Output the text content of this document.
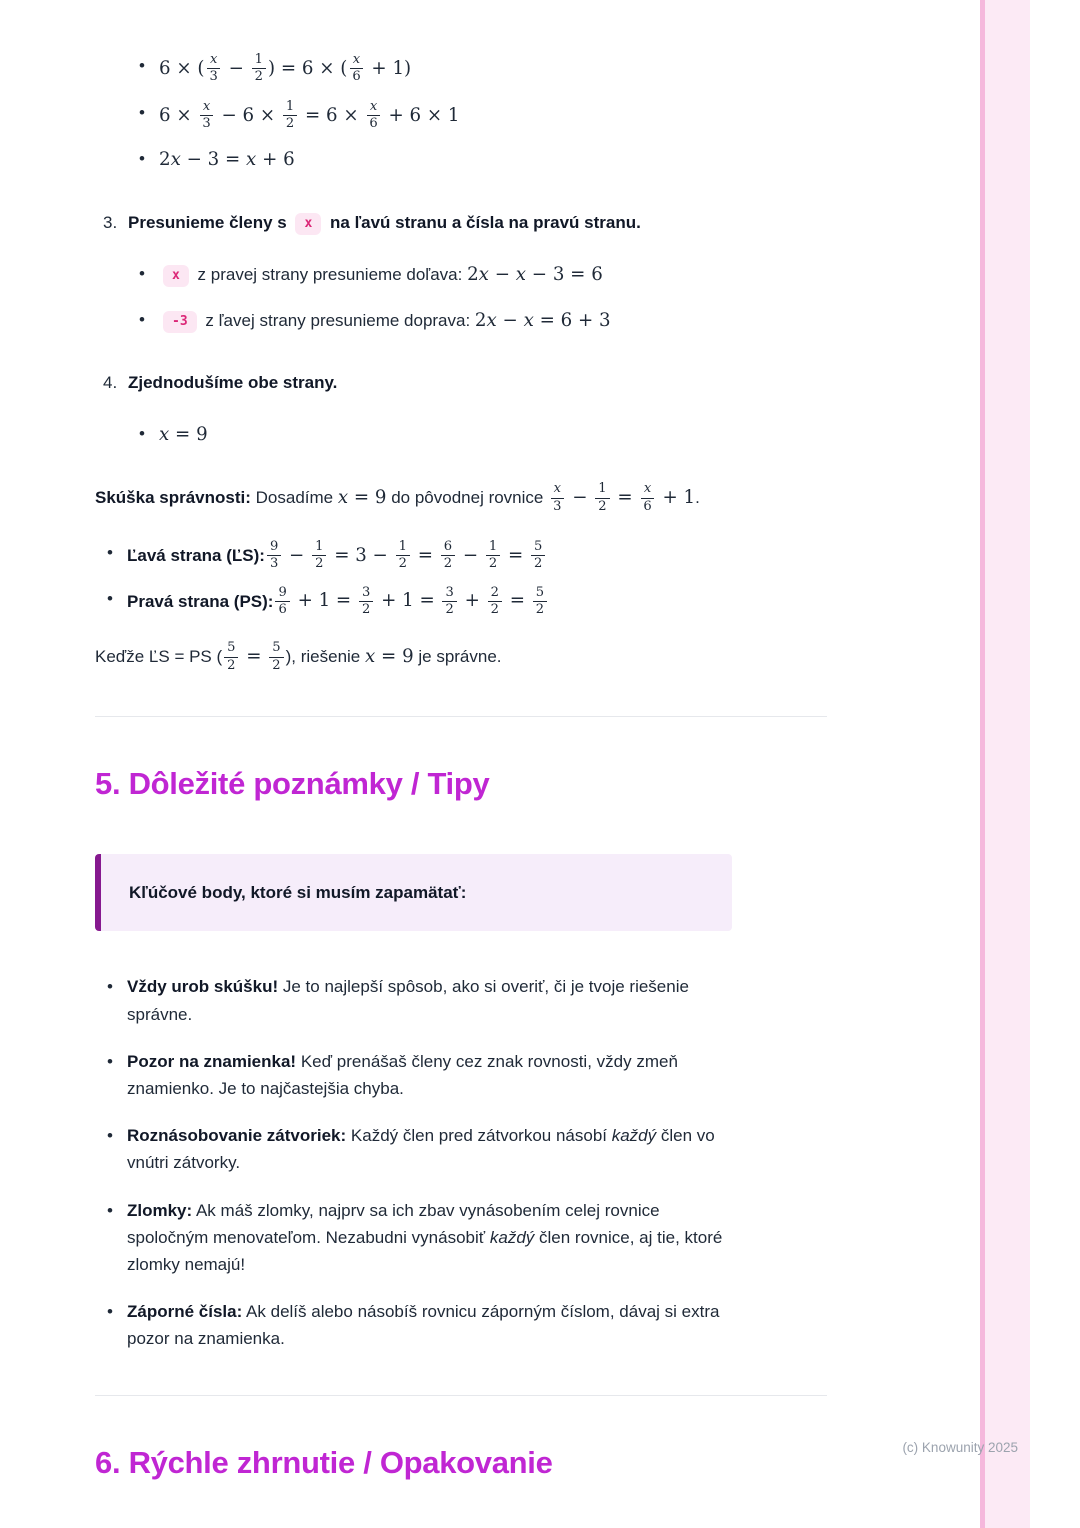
• 6 × ( $\frac{x}{3} - \frac{1}{2}$ ) = 6 × ( $\frac{x}{6} + 1$)
• $6 \times \frac{x}{3} - 6 \times \frac{1}{2} = 6 \times \frac{x}{6} + 6 \times 1$
• 2x − 3 = x + 6
3. Presunieme členy s x na ľavú stranu a čísla na pravú stranu.

• x z pravej strany presunieme doľava: 2x − x − 3 = 6
• -3 z ľavej strany presunieme doprava: 2x − x = 6 + 3
4. Zjednodušíme obe strany.

• x = 9

Skúška správnosti: Dosadíme x = 9 do pôvodnej rovnice $\frac{x}{3} - \frac{1}{2} = \frac{x}{6} + 1$.

• Ľavá strana (ĽS): $\frac{9}{3} - \frac{1}{2} = 3 - \frac{1}{2} = \frac{6}{2} - \frac{1}{2} = \frac{5}{2}$
• Pravá strana (PS): $\frac{9}{6} + 1 = \frac{3}{2} + 1 = \frac{3}{2} + \frac{2}{2} = \frac{5}{2}$

Keďže ĽS = PS ( $\frac{5}{2} = \frac{5}{2}$ ), riešenie x = 9 je správne.

5. Dôležité poznámky / Tipy

Kľúčové body, ktoré si musím zapamätať:

• Vždy urob skúšku! Je to najlepší spôsob, ako si overiť, či je tvoje riešenie správne.
• Pozor na znamienka! Keď prenášaš členy cez znak rovnosti, vždy zmeň znamienko. Je to najčastejšia chyba.
• Roznásobovanie zátvoriek: Každý člen pred zátvorkou násobí každý člen vo vnútri zátvorky.
• Zlomky: Ak máš zlomky, najprv sa ich zbav vynásobením celej rovnice spoločným menovateľom. Nezabudni vynásobiť každý člen rovnice, aj tie, ktoré zlomky nemajú!
• Záporné čísla: Ak delíš alebo násobíš rovnicu záporným číslom, dávaj si extra pozor na znamienka.
6. Rýchle zhrnutie / Opakovanie	(c) Knowunity 2025
